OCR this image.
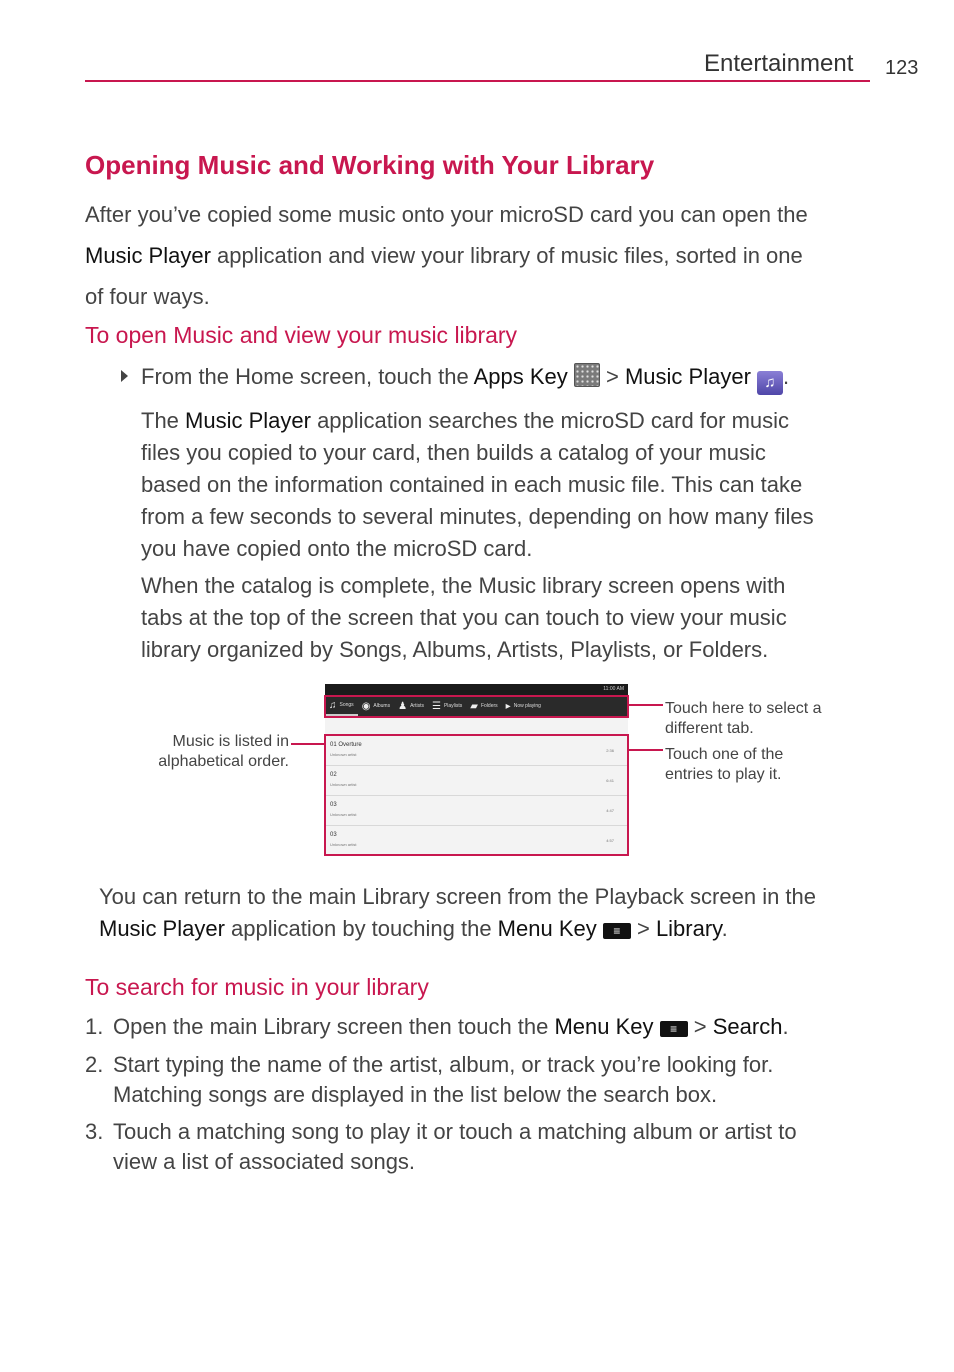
Entertainment 123
Opening Music and Working with Your Library
After you’ve copied some music onto your microSD card you can open the
Music Player application and view your library of music files, sorted in one
of four ways.
To open Music and view your music library
From the Home screen, touch the Apps Key  > Music Player ♫ .
The Music Player application searches the microSD card for music
files you copied to your card, then builds a catalog of your music
based on the information contained in each music file. This can take
from a few seconds to several minutes, depending on how many files
you have copied onto the microSD card.
When the catalog is complete, the Music library screen opens with
tabs at the top of the screen that you can touch to view your music
library organized by Songs, Albums, Artists, Playlists, or Folders.
11:00 AM
♫ Songs ◉ Albums ♟ Artists ☰ Playlists ▰ Folders ▸ Now playing
01 Overture
Unknown artist
2:36
02
Unknown artist
6:41
03
Unknown artist
4:47
03
Unknown artist
4:57
Music is listed in
alphabetical order.
Touch here to select a
different tab.
Touch one of the
entries to play it.
You can return to the main Library screen from the Playback screen in the
Music Player application by touching the Menu Key ≡ > Library.
To search for music in your library
1. Open the main Library screen then touch the Menu Key ≡ > Search.
2. Start typing the name of the artist, album, or track you’re looking for.
Matching songs are displayed in the list below the search box.
3. Touch a matching song to play it or touch a matching album or artist to
view a list of associated songs.
